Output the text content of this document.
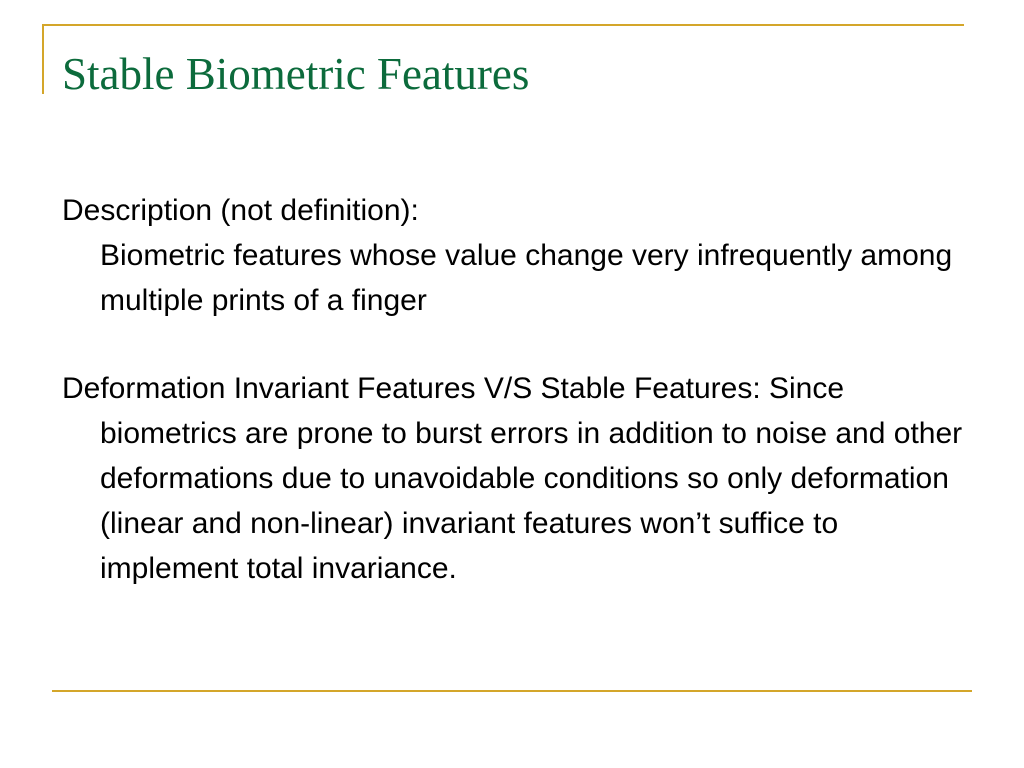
Stable Biometric Features

Description (not definition):

Biometric features whose value change very infrequently among multiple prints of a finger

Deformation Invariant Features V/S Stable Features: Since biometrics are prone to burst errors in addition to noise and other deformations due to unavoidable conditions so only deformation (linear and non-linear) invariant features won’t suffice to implement total invariance.
